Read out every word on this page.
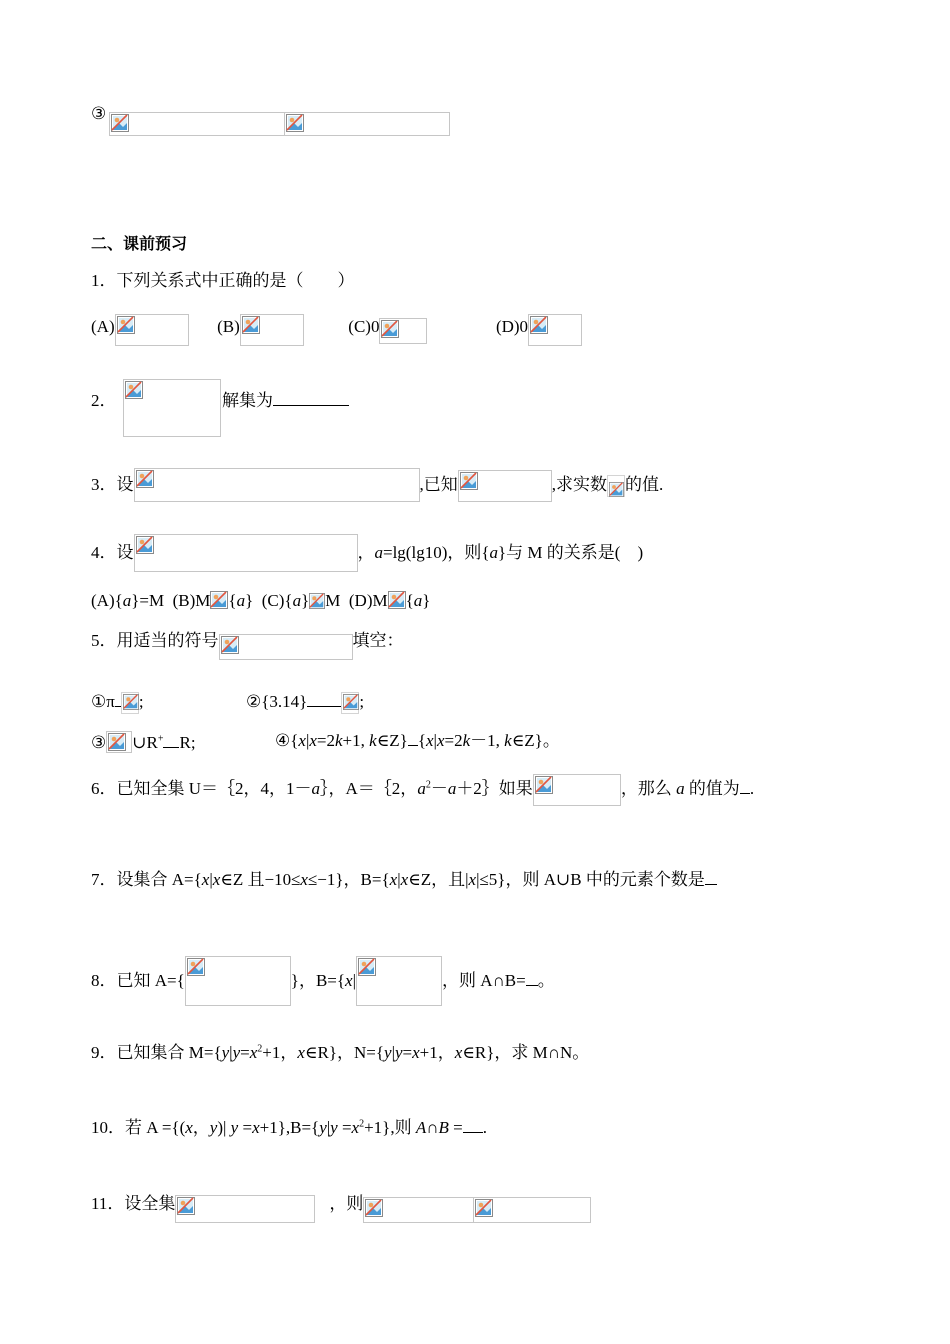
③
二、课前预习
1．下列关系式中正确的是（　　）
(A)	(B)	(C)0	(D)0
2．	解集为
3．设	,已知	,求实数 的值.
4．设	，a=lg(lg10)，则{a}与 M 的关系是(　)
(A){a}=M (B)M {a} (C){a} M (D)M {a}
5．用适当的符号	填空：
①π ;	②{3.14}	;
③ ∪R+ R;	④{x|x=2k+1, k∈Z} {x|x=2k－1, k∈Z}。
6．已知全集 U＝｛2，4，1－a｝，A＝｛2，$a^2-a+2\}$如果	，那么 a 的值为 .
7．设集合 A={x|x∈Z 且−10≤x≤−1}，B={x|x∈Z，且|x|≤5}，则 A∪B 中的元素个数是
8．已知 A={	}，B={x|	，则 A∩B= 。
9．已知集合 $M=\{y|y=x^2+1$，x∈R}，N={y|y=x+1，x∈R}，求 M∩N。
10．若 A ={(x，y)| $y =x+1\},B=\{y|y =x^2+1\}$,则 A∩B = .
11．设全集	，则
